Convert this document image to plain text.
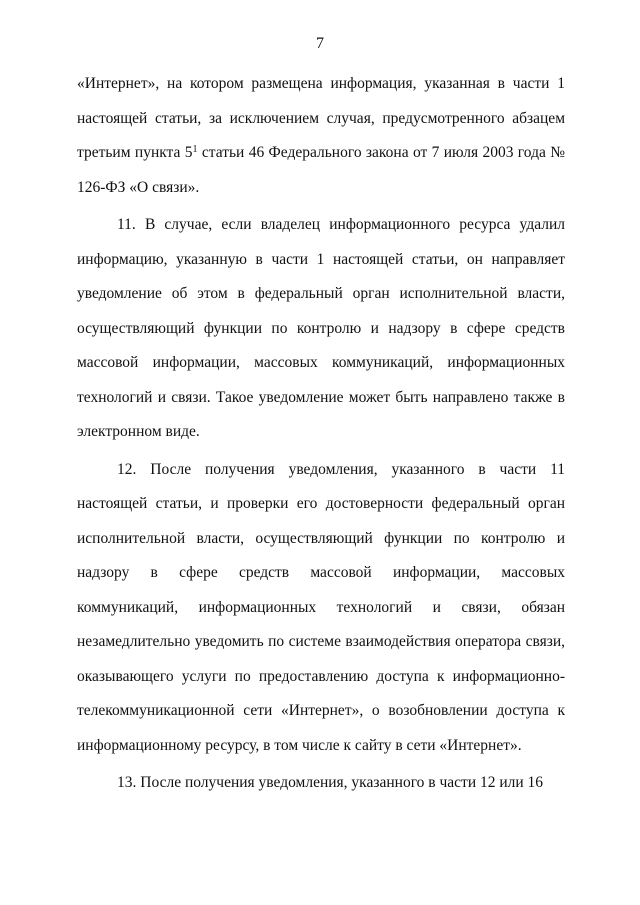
7

«Интернет», на котором размещена информация, указанная в части 1 настоящей статьи, за исключением случая, предусмотренного абзацем третьим пункта $5^1$ статьи 46 Федерального закона от 7 июля 2003 года № 126-ФЗ «О связи».

11. В случае, если владелец информационного ресурса удалил информацию, указанную в части 1 настоящей статьи, он направляет уведомление об этом в федеральный орган исполнительной власти, осуществляющий функции по контролю и надзору в сфере средств массовой информации, массовых коммуникаций, информационных технологий и связи. Такое уведомление может быть направлено также в электронном виде.

12. После получения уведомления, указанного в части 11 настоящей статьи, и проверки его достоверности федеральный орган исполнительной власти, осуществляющий функции по контролю и надзору в сфере средств массовой информации, массовых коммуникаций, информационных технологий и связи, обязан незамедлительно уведомить по системе взаимодействия оператора связи, оказывающего услуги по предоставлению доступа к информационно-телекоммуникационной сети «Интернет», о возобновлении доступа к информационному ресурсу, в том числе к сайту в сети «Интернет».

13. После получения уведомления, указанного в части 12 или 16
